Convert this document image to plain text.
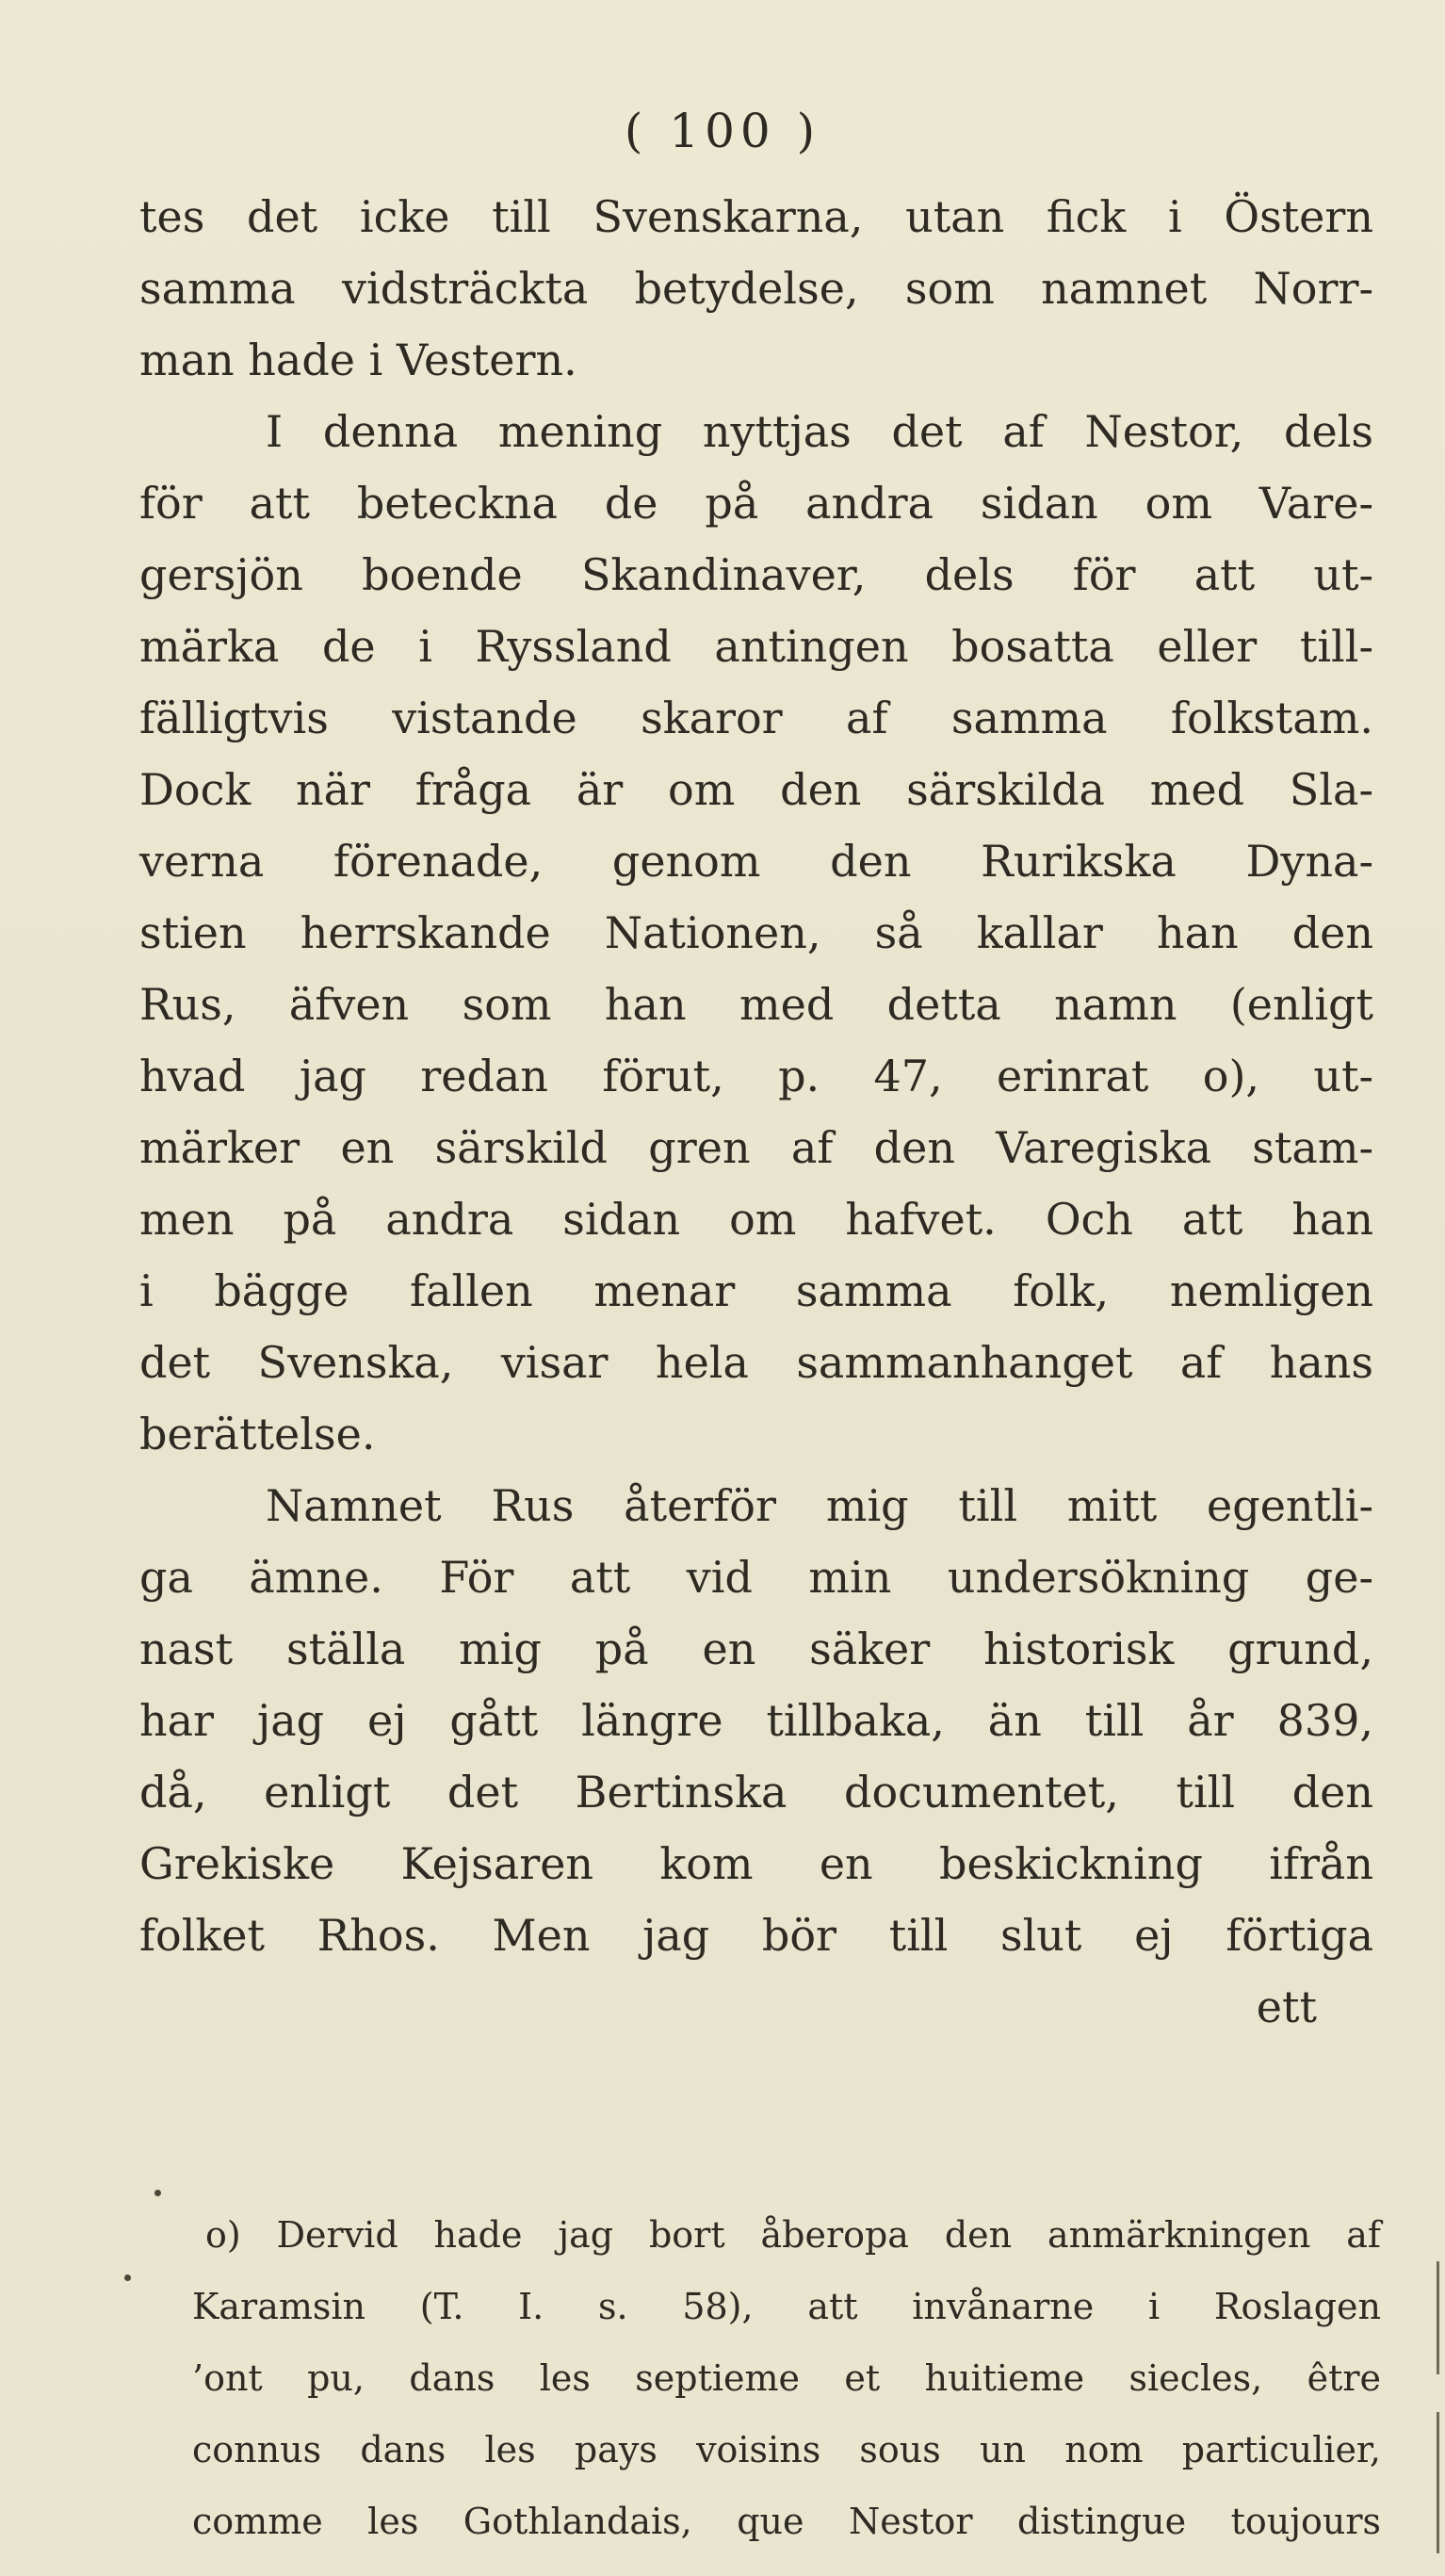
( 100 )
tes det icke till Svenskarna, utan fick i Östern
samma vidsträckta betydelse, som namnet Norr-
man hade i Vestern.
I denna mening nyttjas det af Nestor, dels
för att beteckna de på andra sidan om Vare-
gersjön boende Skandinaver, dels för att ut-
märka de i Ryssland antingen bosatta eller till-
fälligtvis vistande skaror af samma folkstam.
Dock när fråga är om den särskilda med Sla-
verna förenade, genom den Rurikska Dyna-
stien herrskande Nationen, så kallar han den
Rus, äfven som han med detta namn (enligt
hvad jag redan förut, p. 47, erinrat o), ut-
märker en särskild gren af den Varegiska stam-
men på andra sidan om hafvet. Och att han
i bägge fallen menar samma folk, nemligen
det Svenska, visar hela sammanhanget af hans
berättelse.
Namnet Rus återför mig till mitt egentli-
ga ämne. För att vid min undersökning ge-
nast ställa mig på en säker historisk grund,
har jag ej gått längre tillbaka, än till år 839,
då, enligt det Bertinska documentet, till den
Grekiske Kejsaren kom en beskickning ifrån
folket Rhos. Men jag bör till slut ej förtiga
ett
o) Dervid hade jag bort åberopa den anmärkningen af
Karamsin (T. I. s. 58), att invånarne i Roslagen
’ont pu, dans les septieme et huitieme siecles, être
connus dans les pays voisins sous un nom particulier,
comme les Gothlandais, que Nestor distingue toujours
